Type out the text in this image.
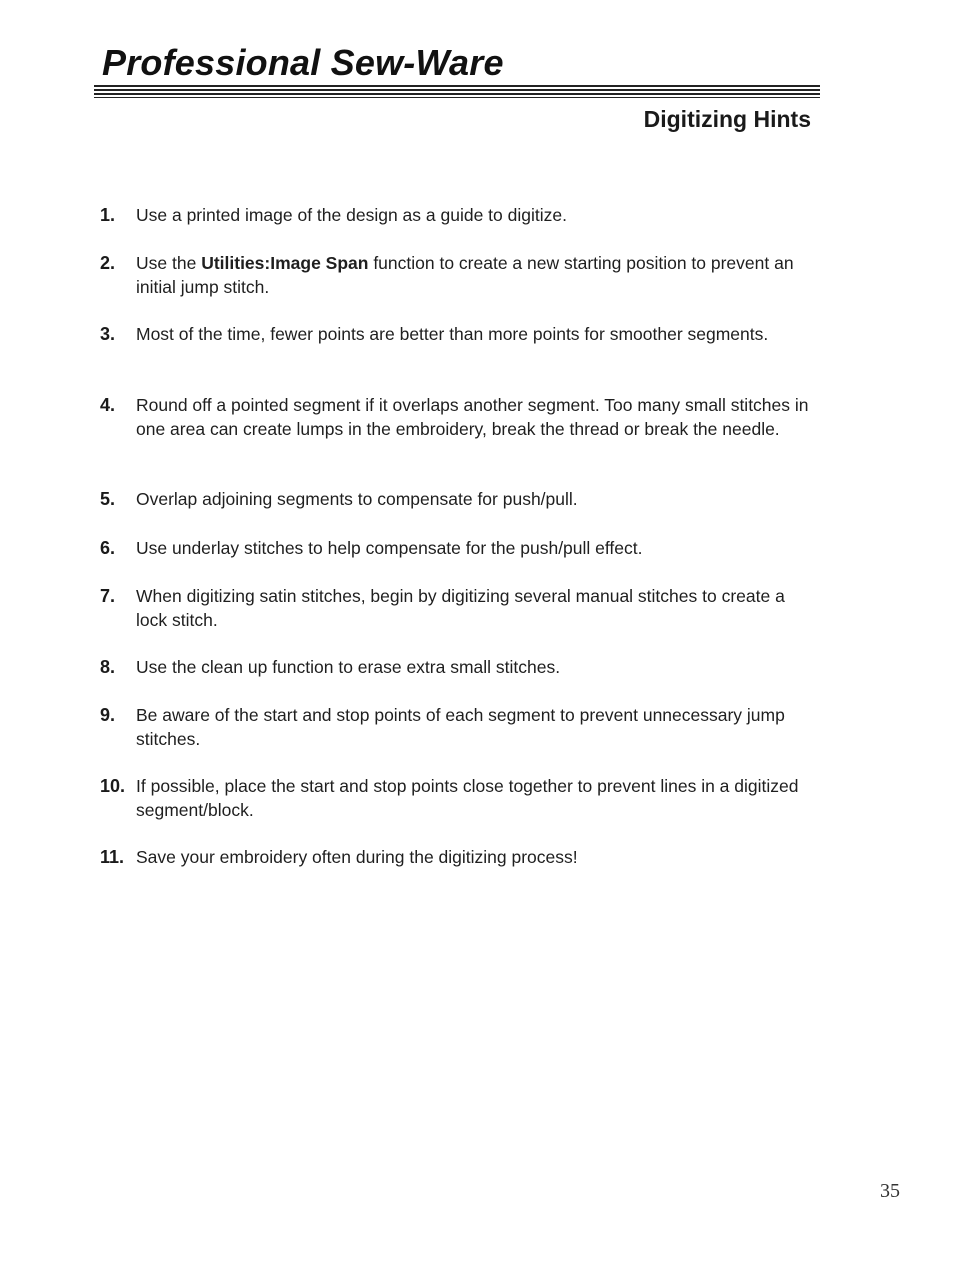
Professional Sew-Ware
Digitizing Hints
1.	Use a printed image of the design as a guide to digitize.
2.	Use the Utilities:Image Span function to create a new starting position to prevent an initial jump stitch.
3.	Most of the time, fewer points are better than more points for smoother segments.
4.	Round off a pointed segment if it overlaps another segment. Too many small stitches in one area can create lumps in the embroidery, break the thread or break the needle.
5.	Overlap adjoining segments to compensate for push/pull.
6.	Use underlay stitches to help compensate for the push/pull effect.
7.	When digitizing satin stitches, begin by digitizing several manual stitches to create a lock stitch.
8.	Use the clean up function to erase extra small stitches.
9.	Be aware of the start and stop points of each segment to prevent unnecessary jump stitches.
10. If possible, place the start and stop points close together to prevent lines in a digitized segment/block.
11. Save your embroidery often during the digitizing process!
35
